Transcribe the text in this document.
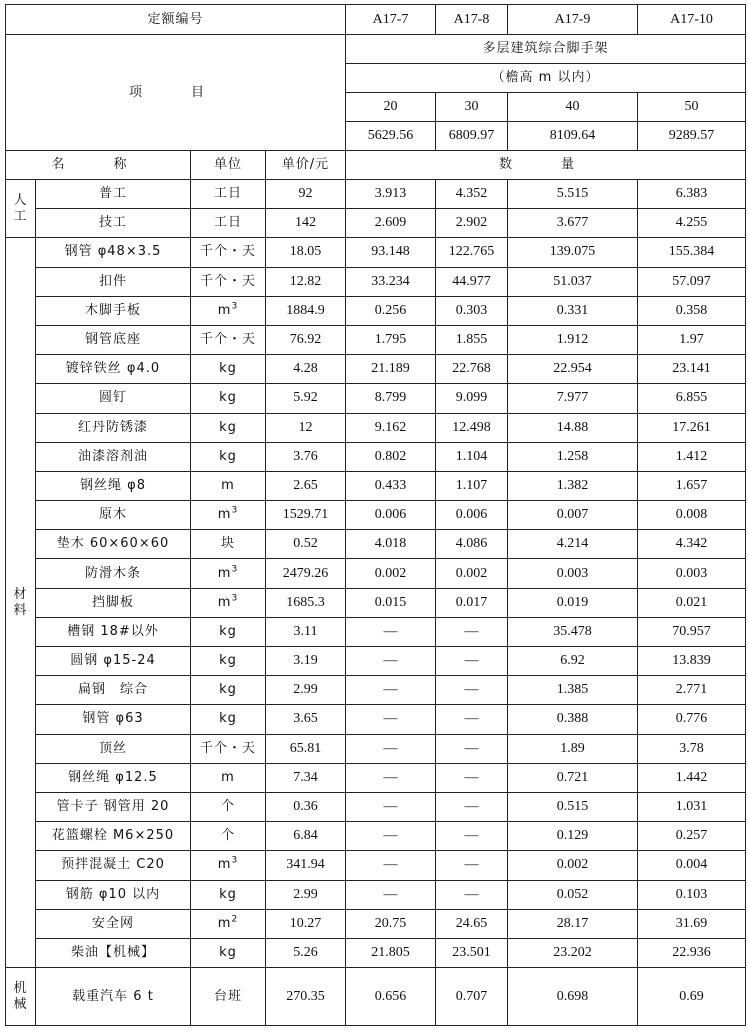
定额编号				A17-7	A17-8	A17-9	A17-10
项　目				多层建筑综合脚手架			
				（檐高 m 以内）			
				20	30	40	50
				5629.56	6809.97	8109.64	9289.57
名　称		单位	单价/元	数　量			

人
工	普工	工日	92	3.913	4.352	5.515	6.383
	技工	工日	142	2.609	2.902	3.677	4.255

材
料	钢管 φ48×3.5	千个・天	18.05	93.148	122.765	139.075	155.384
	扣件	千个・天	12.82	33.234	44.977	51.037	57.097
	木脚手板	$m^3$	1884.9	0.256	0.303	0.331	0.358
	钢管底座	千个・天	76.92	1.795	1.855	1.912	1.97
	镀锌铁丝 φ4.0	kg	4.28	21.189	22.768	22.954	23.141
	圆钉	kg	5.92	8.799	9.099	7.977	6.855
	红丹防锈漆	kg	12	9.162	12.498	14.88	17.261
	油漆溶剂油	kg	3.76	0.802	1.104	1.258	1.412
	钢丝绳 φ8	m	2.65	0.433	1.107	1.382	1.657
	原木	$m^3$	1529.71	0.006	0.006	0.007	0.008
	垫木 60×60×60	块	0.52	4.018	4.086	4.214	4.342
	防滑木条	$m^3$	2479.26	0.002	0.002	0.003	0.003
	挡脚板	$m^3$	1685.3	0.015	0.017	0.019	0.021
	槽钢 18#以外	kg	3.11	—	—	35.478	70.957
	圆钢 φ15-24	kg	3.19	—	—	6.92	13.839
	扁钢　综合	kg	2.99	—	—	1.385	2.771
	钢管 φ63	kg	3.65	—	—	0.388	0.776
	顶丝	千个・天	65.81	—	—	1.89	3.78
	钢丝绳 φ12.5	m	7.34	—	—	0.721	1.442
	管卡子 钢管用 20	个	0.36	—	—	0.515	1.031
	花篮螺栓 M6×250	个	6.84	—	—	0.129	0.257
	预拌混凝土 C20	$m^3$	341.94	—	—	0.002	0.004
	钢筋 φ10 以内	kg	2.99	—	—	0.052	0.103
	安全网	$m^2$	10.27	20.75	24.65	28.17	31.69
	柴油【机械】	kg	5.26	21.805	23.501	23.202	22.936

机
械	载重汽车 6 t	台班	270.35	0.656	0.707	0.698	0.69
